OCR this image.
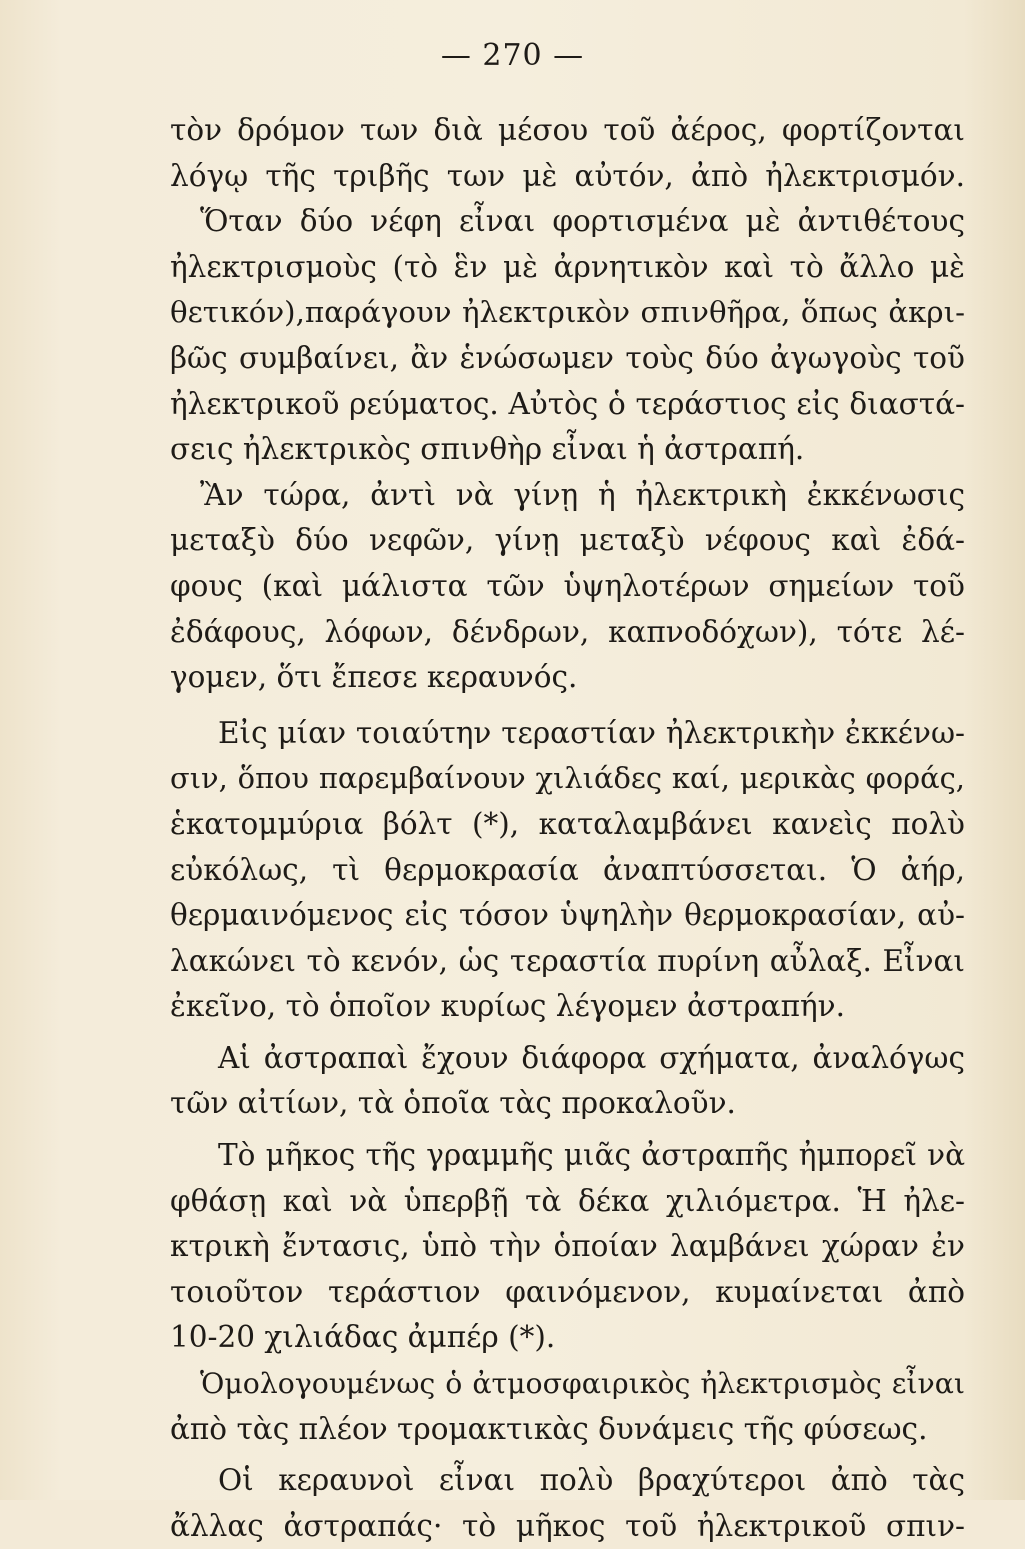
— 270 —
τὸν δρόμον των διὰ μέσου τοῦ ἀέρος, φορτίζονται
λόγῳ τῆς τριβῆς των μὲ αὐτόν, ἀπὸ ἠλεκτρισμόν.
Ὅταν δύο νέφη εἶναι φορτισμένα μὲ ἀντιθέτους
ἠλεκτρισμοὺς (τὸ ἓν μὲ ἀρνητικὸν καὶ τὸ ἄλλο μὲ
θετικόν),παράγουν ἠλεκτρικὸν σπινθῆρα, ὅπως ἀκρι-
βῶς συμβαίνει, ἂν ἑνώσωμεν τοὺς δύο ἀγωγοὺς τοῦ
ἠλεκτρικοῦ ρεύματος. Αὐτὸς ὁ τεράστιος εἰς διαστά-
σεις ἠλεκτρικὸς σπινθὴρ εἶναι ἡ ἀστραπή.
Ἂν τώρα, ἀντὶ νὰ γίνῃ ἡ ἠλεκτρικὴ ἐκκένωσις
μεταξὺ δύο νεφῶν, γίνῃ μεταξὺ νέφους καὶ ἐδά-
φους (καὶ μάλιστα τῶν ὑψηλοτέρων σημείων τοῦ
ἐδάφους, λόφων, δένδρων, καπνοδόχων), τότε λέ-
γομεν, ὅτι ἔπεσε κεραυνός.
Εἰς μίαν τοιαύτην τεραστίαν ἠλεκτρικὴν ἐκκένω-
σιν, ὅπου παρεμβαίνουν χιλιάδες καί, μερικὰς φοράς,
ἑκατομμύρια βόλτ (*), καταλαμβάνει κανεὶς πολὺ
εὐκόλως, τὶ θερμοκρασία ἀναπτύσσεται. Ὁ ἀήρ,
θερμαινόμενος εἰς τόσον ὑψηλὴν θερμοκρασίαν, αὐ-
λακώνει τὸ κενόν, ὡς τεραστία πυρίνη αὖλαξ. Εἶναι
ἐκεῖνο, τὸ ὁποῖον κυρίως λέγομεν ἀστραπήν.
Αἱ ἀστραπαὶ ἔχουν διάφορα σχήματα, ἀναλόγως
τῶν αἰτίων, τὰ ὁποῖα τὰς προκαλοῦν.
Τὸ μῆκος τῆς γραμμῆς μιᾶς ἀστραπῆς ἠμπορεῖ νὰ
φθάσῃ καὶ νὰ ὑπερβῇ τὰ δέκα χιλιόμετρα. Ἡ ἠλε-
κτρικὴ ἔντασις, ὑπὸ τὴν ὁποίαν λαμβάνει χώραν ἐν
τοιοῦτον τεράστιον φαινόμενον, κυμαίνεται ἀπὸ
10-20 χιλιάδας ἀμπέρ (*).
Ὁμολογουμένως ὁ ἀτμοσφαιρικὸς ἠλεκτρισμὸς εἶναι
ἀπὸ τὰς πλέον τρομακτικὰς δυνάμεις τῆς φύσεως.
Οἱ κεραυνοὶ εἶναι πολὺ βραχύτεροι ἀπὸ τὰς
ἄλλας ἀστραπάς· τὸ μῆκος τοῦ ἠλεκτρικοῦ σπιν-
